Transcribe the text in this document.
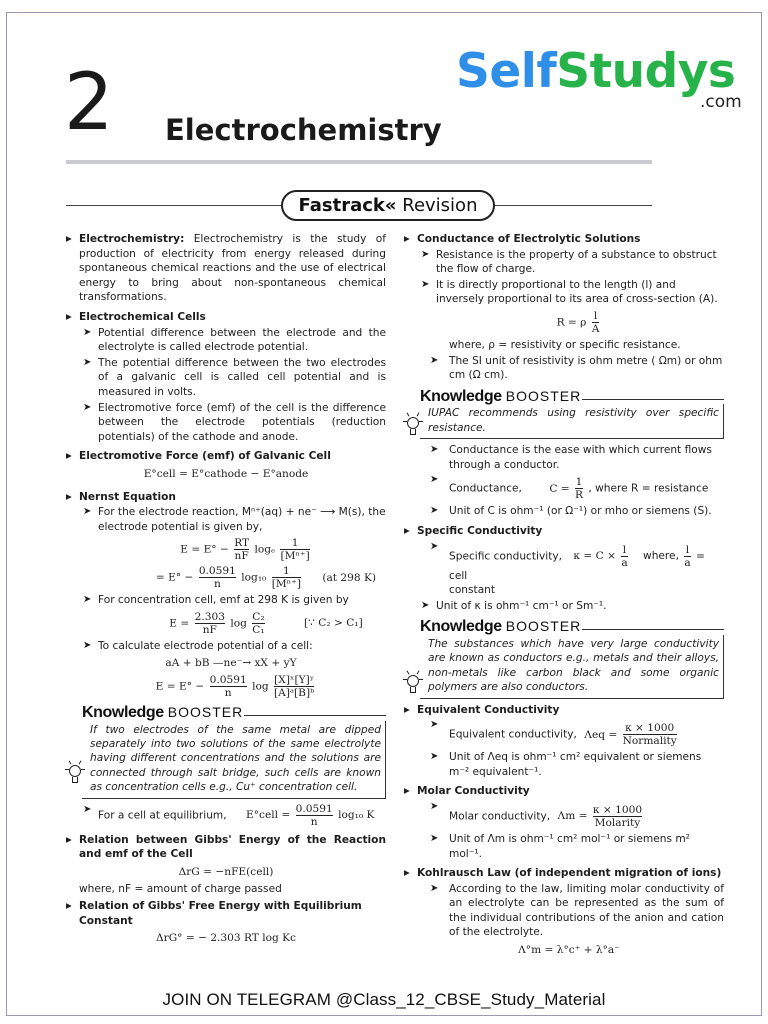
SelfStudys
.com
2 Electrochemistry
Fastrack« Revision
▶ Electrochemistry: Electrochemistry is the study of production of electricity from energy released during spontaneous chemical reactions and the use of electrical energy to bring about non-spontaneous chemical transformations.
▶ Electrochemical Cells
➤ Potential difference between the electrode and the electrolyte is called electrode potential.
➤ The potential difference between the two electrodes of a galvanic cell is called cell potential and is measured in volts.
➤ Electromotive force (emf) of the cell is the difference between the electrode potentials (reduction potentials) of the cathode and anode.
▶ Electromotive Force (emf) of Galvanic Cell
E°cell = E°cathode − E°anode
▶ Nernst Equation
➤ For the electrode reaction, Mⁿ⁺(aq) + ne⁻ ⟶ M(s), the electrode potential is given by,
$E = E^\circ - \frac{RT}{nF}$ logₑ $\frac{1}{\text{[Mⁿ⁺]}}$
= $E^\circ - \frac{0.0591}{n} \log_{10} \frac{1}{\text{[Mⁿ⁺]}} (at$ 298 K)
➤ For concentration cell, emf at 298 K is given by
$E = \frac{2.303}{nF}$ $\log \frac{\text{C₂}}{\text{C₁}}$	[∵ C₂ > C₁]
➤ To calculate electrode potential of a cell:
aA + bB —ne⁻→ xX + yY
$E = E^\circ - \frac{0.0591}{n}$ $\log \frac{\text{[X]ˣ[Y]ʸ}}{\text{[A]ᵃ[B]ᵇ}}$
Knowledge BOOSTER
If two electrodes of the same metal are dipped separately into two solutions of the same electrolyte having different concentrations and the solutions are connected through salt bridge, such cells are known as concentration cells e.g., Cu⁺ concentration cell.
➤ For a cell at equilibrium, E°cell = $\frac{0.0591}{n} \log_{10}$ K
▶ Relation between Gibbs' Energy of the Reaction and emf of the Cell
ΔrG = −nFE(cell)
where, nF = amount of charge passed
▶ Relation of Gibbs' Free Energy with Equilibrium Constant
ΔrG° = − 2.303 RT log Kc
▶ Conductance of Electrolytic Solutions
➤ Resistance is the property of a substance to obstruct the flow of charge.
➤ It is directly proportional to the length (l) and inversely proportional to its area of cross-section (A).
R = ρ $\frac{l}{A}$
where, ρ = resistivity or specific resistance.
➤ The SI unit of resistivity is ohm metre ( Ωm) or ohm cm (Ω cm).
Knowledge BOOSTER
IUPAC recommends using resistivity over specific resistance.
➤ Conductance is the ease with which current flows through a conductor.
➤ Conductance,	$C = \frac{1}{R}$ , where R = resistance
➤ Unit of C is ohm⁻¹ (or Ω⁻¹) or mho or siemens (S).
▶ Specific Conductivity
➤ Specific conductivity, $\kappa = C \times \frac{l}{a}$ where, $\frac{l}{a}$ = cell
constant
➤ Unit of κ is ohm⁻¹ cm⁻¹ or Sm⁻¹.
Knowledge BOOSTER
The substances which have very large conductivity are known as conductors e.g., metals and their alloys, non-metals like carbon black and some organic polymers are also conductors.
▶ Equivalent Conductivity
➤ Equivalent conductivity, $\Lambda eq = \frac{\kappa \times 1000}{\text{Normality}}$
➤ Unit of Λeq is ohm⁻¹ cm² equivalent or siemens m⁻² equivalent⁻¹.
▶ Molar Conductivity
➤ Molar conductivity, $\Lambda m = \frac{\kappa \times 1000}{\text{Molarity}}$
➤ Unit of Λm is ohm⁻¹ cm² mol⁻¹ or siemens m² mol⁻¹.
▶ Kohlrausch Law (of independent migration of ions)
➤ According to the law, limiting molar conductivity of an electrolyte can be represented as the sum of the individual contributions of the anion and cation of the electrolyte.
Λ°m = λ°c⁺ + λ°a⁻
JOIN ON TELEGRAM @Class_12_CBSE_Study_Material
